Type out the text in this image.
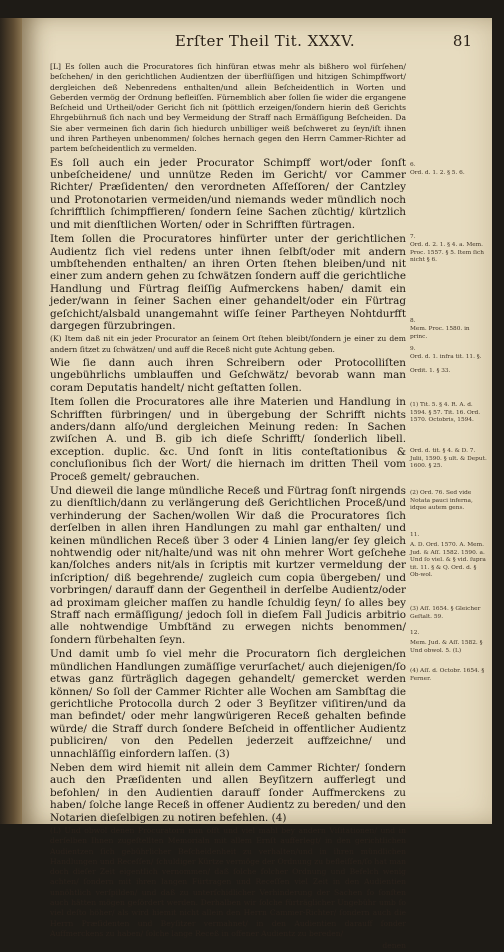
Erſter Theil Tit. XXXV.	81

[L] Es ſollen auch die Procuratores ſich hinfüran etwas mehr als bißhero wol fürſehen/ beſchehen/ in den gerichtlichen Audientzen der überflüſſigen und hitzigen Schimpffwort/ dergleichen deß Nebenredens enthalten/und allein Beſcheidentlich in Worten und Geberden vermög der Ordnung befleiſſen. Fürnemblich aber ſollen ſie wider die ergangene Beſcheid und Urtheil/oder Gericht ſich nit ſpöttlich erzeigen/ſondern hierin deß Gerichts Ehrgebührnuß ſich nach und bey Vermeidung der Straff nach Ermäſſigung Beſcheiden. Da Sie aber vermeinen ſich darin ſich hiedurch unbilliger weiß beſchweret zu ſeyn/iſt ihnen und ihren Partheyen unbenommen/ ſolches hernach gegen den Herrn Cammer-Richter ad partem beſcheidentlich zu vermelden.

Es ſoll auch ein jeder Procurator Schimpff wort/oder ſonſt unbeſcheidene/ und unnütze Reden im Gericht/ vor Cammer Richter/ Præſidenten/ den verordneten Aſſeſſoren/ der Cantzley und Protonotarien vermeiden/und niemands weder mündlich noch ſchrifftlich ſchimpffieren/ ſondern ſeine Sachen züchtig/ kürtzlich und mit dienſtlichen Worten/ oder in Schrifften fürtragen.

Item ſollen die Procuratores hinfürter unter der gerichtlichen Audientz ſich viel redens unter ihnen ſelbſt/oder mit andern umbſtehenden enthalten/ an ihren Orten ſtehen bleiben/und nit einer zum andern gehen zu ſchwätzen ſondern auff die gerichtliche Handlung und Fürtrag fleiſſig Aufmerckens haben/ damit ein jeder/wann in ſeiner Sachen einer gehandelt/oder ein Fürtrag geſchicht/alsbald unangemahnt wiſſe ſeiner Partheyen Nohtdurfft dargegen fürzubringen.

(K) Item daß nit ein jeder Procurator an ſeinem Ort ſtehen bleibt/ſondern je einer zu dem andern ſitzet zu ſchwätzen/ und auff die Receß nicht gute Achtung geben.

Wie ſie dann auch ihren Schreibern oder Protocolliſten ungebührlichs umblauffen und Geſchwätz/ bevorab wann man coram Deputatis handelt/ nicht geſtatten ſollen.

Item ſollen die Procuratores alle ihre Materien und Handlung in Schrifften fürbringen/ und in übergebung der Schrifft nichts anders/dann alſo/und dergleichen Meinung reden: In Sachen zwiſchen A. und B. gib ich dieſe Schrifft/ ſonderlich libell. exception. duplic. &c. Und ſonſt in litis conteſtationibus & concluſionibus ſich der Wort/ die hiernach im dritten Theil vom Proceß gemelt/ gebrauchen.

Und dieweil die lange mündliche Receß und Fürtrag ſonſt nirgends zu dienſtlich/dann zu verlängerung deß Gerichtlichen Proceß/und verhinderung der Sachen/wollen Wir daß die Procuratores ſich derſelben in allen ihren Handlungen zu mahl gar enthalten/ und keinen mündlichen Receß über 3 oder 4 Linien lang/er ſey gleich nohtwendig oder nit/halte/und was nit ohn mehrer Wort geſchehe kan/ſolches anders nit/als in ſcriptis mit kurtzer vermeldung der inſcription/ diß begehrende/ zugleich cum copia übergeben/ und vorbringen/ darauff dann der Gegentheil in derſelbe Audientz/oder ad proximam gleicher maſſen zu handle ſchuldig ſeyn/ ſo alles bey Straff nach ermäſſigung/ jedoch ſoll in dieſem Fall Judicis arbitrio alle nohtwendige Umbſtänd zu erwegen nichts benommen/ ſondern fürbehalten ſeyn.

Und damit umb ſo viel mehr die Procuratorn ſich dergleichen mündlichen Handlungen zumäſſige verurſachet/ auch diejenigen/ſo etwas ganz fürträglich dagegen gehandelt/ gemercket werden können/ So ſoll der Cammer Richter alle Wochen am Sambſtag die gerichtliche Protocolla durch 2 oder 3 Beyſitzer viſitiren/und da man befindet/ oder mehr langwürigeren Receß gehalten befinde würde/ die Straff durch ſondere Beſcheid in offentlicher Audientz publiciren/ von den Pedellen jederzeit auffzeichne/ und unnachläſſig einfordern laſſen. (3)

Neben dem wird hiemit nit allein dem Cammer Richter/ ſondern auch den Præſidenten und allen Beyſitzern aufferlegt und befohlen/ in den Audientien darauff ſonder Auffmerckens zu haben/ ſolche lange Receß in offener Audientz zu bereden/ und den Notarien dieſelbigen zu notiren befehlen. (4)

(L) Und obwol denen Procuratorn nun offt und viel mahl bey andern Viſitationen/ und in derſelben Ihnen zugeſtellten Memorialn mit allem Ernſt aufferlegt/ in den gerichtlichen Audientzen ſich gebührlicher Beſcheidenheit zu verhalten/und in ihren mündlichen Handlungen und Receſſen/ ſchuldiger Kürtze vermöge der Ordnung zu befleiſſen/ſo hat man doch dieſer Zeit eigentlich vernommen/ daß ſolche ſolcher Ordnung und Befelch wenig achten/ ſondern mit ihren langen Fürtragen und Receſſen viel Zeit in den Audientien unnöhtlich verſpilden/ und daß zu unterſchidlicher Verhinderung der Sachen ſo ſonſten auch hätten mögen geſördert werden. Derhalben wir ſolche fürträglicher Ungebühr umb ſo viel deſto höher/ als wird hiemit nicht allein den Herrn Cammer-Richter/ ſondern auch die Herrn Præſidenten und Beyſitzer vermahnet/ in den Audientien darauff ſonder Auffmerckens zu haben/ ſolche lange Receß in offener Audientz zu bereden/

denen

6.
Ord. d. 1. 2. § 5. 6.
7.
Ord. d. 2. 1. § 4. a. Mem. Proc. 1557. § 5. Item ſich nicht § 6.
8.
Mem. Proc. 1580. in princ.
9.
Ord. d. 1. infra tit. 11. §.
Ordit. 1. § 33.
(1) Tit. 5. § 4. R. A. d. 1594. § 57. Tit. 16. Ord. 1570. Octobris, 1594.
Ord. d. tit. § 4. & D. 7. Julii, 1590. § ult. & Deput. 1600. § 25.
(2) Ord. 76. Sed vide Notata pauci inferna, idque autem gens.
11.
A. D. Ord. 1570. A. Mem. Jud. & Aſſ. 1582. 1590. a. Und ſo viel. & § vid. ſupra tit. 11. § & Q. Ord. d. § Ob-wol.
(3) Aſſ. 1654. § Gleicher Geſtalt. 59.
12.
Mem. Jud. & Aſſ. 1582. § Und obwol. 5. (L)
(4) Aſſ. d. Octobr. 1654. § Ferner.
